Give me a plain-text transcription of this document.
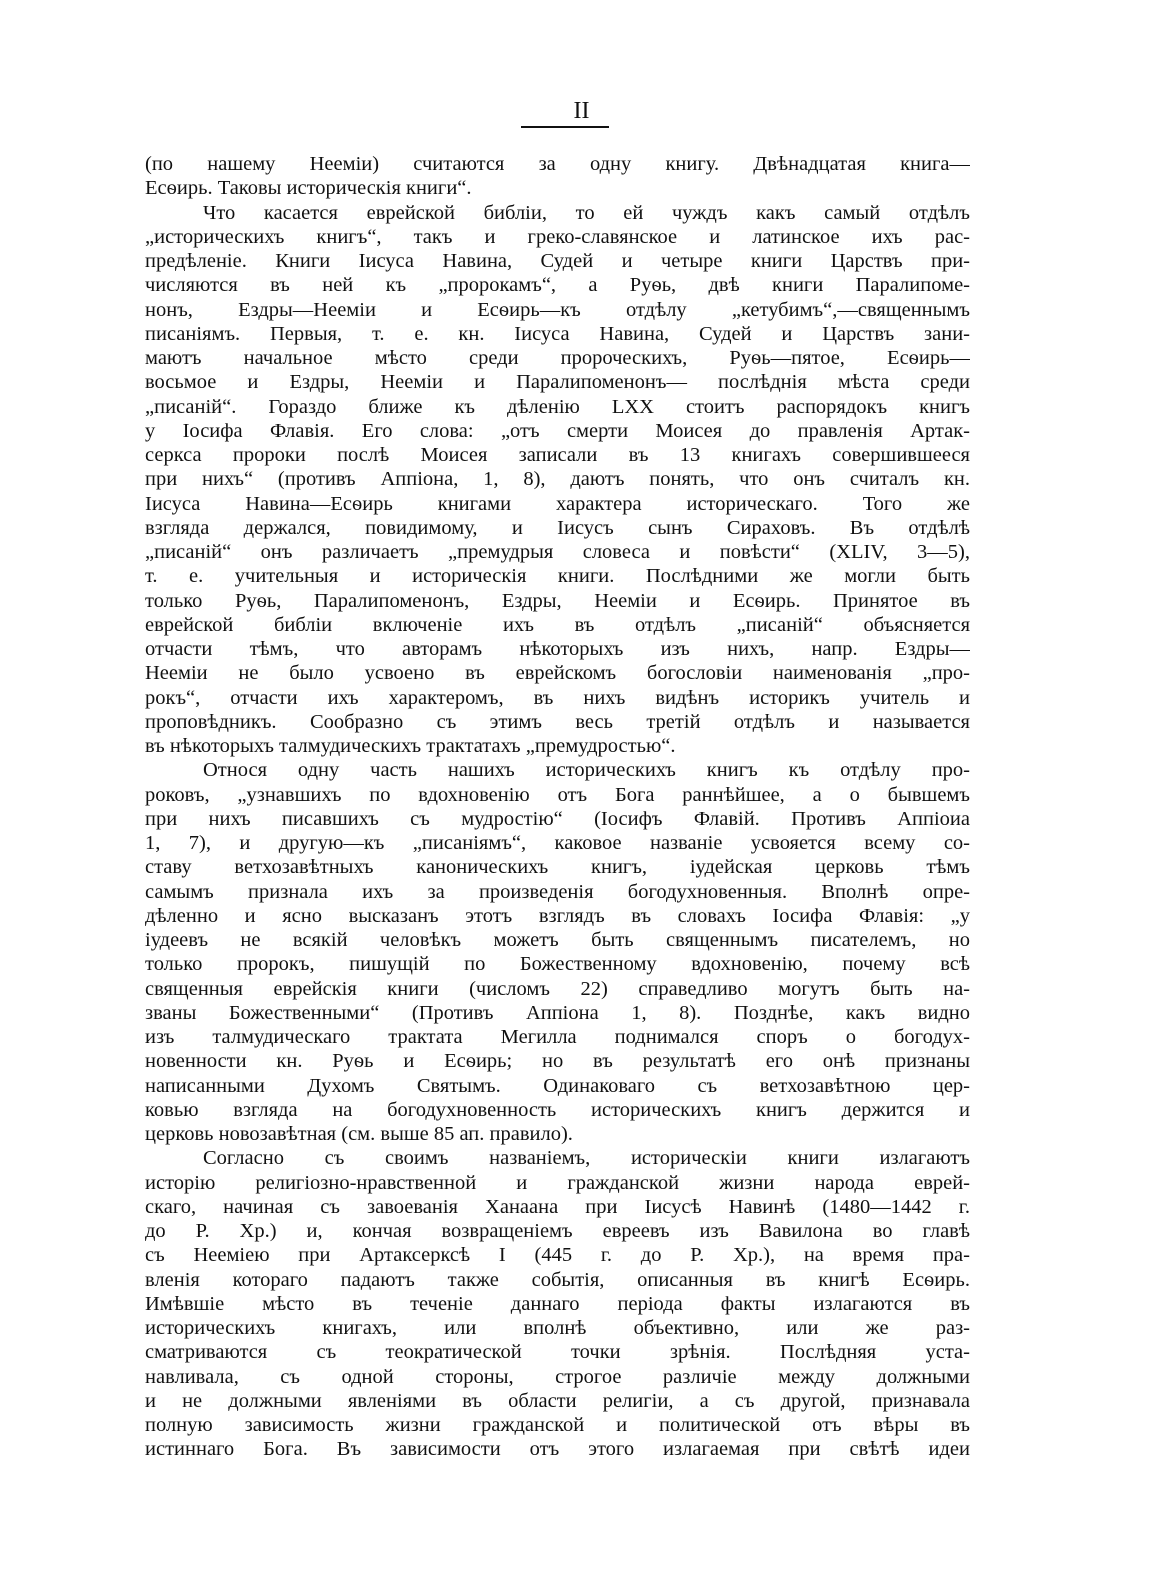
II
(по нашему Неемiи) считаются за одну книгу. Двѣнадцатая книга—
Есѳирь. Таковы историческiя книги“.
Что касается еврейской библiи, то ей чуждъ какъ самый отдѣлъ
„историческихъ книгъ“, такъ и греко-славянское и латинское ихъ рас-
предѣленiе. Книги Iисуса Навина, Судей и четыре книги Царствъ при-
числяются въ ней къ „пророкамъ“, а Руѳь, двѣ книги Паралипоме-
нонъ, Ездры—Неемiи и Есѳирь—къ отдѣлу „кетубимъ“,—священнымъ
писанiямъ. Первыя, т. е. кн. Iисуса Навина, Судей и Царствъ зани-
маютъ начальное мѣсто среди пророческихъ, Руѳь—пятое, Есѳирь—
восьмое и Ездры, Неемiи и Паралипоменонъ— послѣднiя мѣста среди
„писанiй“. Гораздо ближе къ дѣленiю LXX стоитъ распорядокъ книгъ
у Iосифа Флавiя. Его слова: „отъ смерти Моисея до правленiя Артак-
серкса пророки послѣ Моисея записали въ 13 книгахъ совершившееся
при нихъ“ (противъ Аппiона, 1, 8), даютъ понять, что онъ считалъ кн.
Iисуса Навина—Есѳирь книгами характера историческаго. Того же
взгляда держался, повидимому, и Iисусъ сынъ Сираховъ. Въ отдѣлѣ
„писанiй“ онъ различаетъ „премудрыя словеса и повѣсти“ (XLIV, 3—5),
т. е. учительныя и историческiя книги. Послѣдними же могли быть
только Руѳь, Паралипоменонъ, Ездры, Неемiи и Есѳирь. Принятое въ
еврейской библiи включенiе ихъ въ отдѣлъ „писанiй“ объясняется
отчасти тѣмъ, что авторамъ нѣкоторыхъ изъ нихъ, напр. Ездры—
Неемiи не было усвоено въ еврейскомъ богословiи наименованiя „про-
рокъ“, отчасти ихъ характеромъ, въ нихъ видѣнъ историкъ учитель и
проповѣдникъ. Сообразно съ этимъ весь третiй отдѣлъ и называется
въ нѣкоторыхъ талмудическихъ трактатахъ „премудростью“.
Относя одну часть нашихъ историческихъ книгъ къ отдѣлу про-
роковъ, „узнавшихъ по вдохновенiю отъ Бога раннѣйшее, а о бывшемъ
при нихъ писавшихъ съ мудростiю“ (Iосифъ Флавiй. Противъ Аппiоиа
1, 7), и другую—къ „писанiямъ“, каковое названiе усвояется всему со-
ставу ветхозавѣтныхъ каноническихъ книгъ, iудейская церковь тѣмъ
самымъ признала ихъ за произведенiя богодухновенныя. Вполнѣ опре-
дѣленно и ясно высказанъ этотъ взглядъ въ словахъ Iосифа Флавiя: „у
iудеевъ не всякiй человѣкъ можетъ быть священнымъ писателемъ, но
только пророкъ, пишущiй по Божественному вдохновенiю, почему всѣ
священныя еврейскiя книги (числомъ 22) справедливо могутъ быть на-
званы Божественными“ (Противъ Аппiона 1, 8). Позднѣе, какъ видно
изъ талмудическаго трактата Мегилла поднимался споръ о богодух-
новенности кн. Руѳь и Есѳирь; но въ результатѣ его онѣ признаны
написанными Духомъ Святымъ. Одинаковаго съ ветхозавѣтною цер-
ковью взгляда на богодухновенность историческихъ книгъ держится и
церковь новозавѣтная (см. выше 85 ап. правило).
Согласно съ своимъ названiемъ, историческiи книги излагаютъ
исторiю религiозно-нравственной и гражданской жизни народа еврей-
скаго, начиная съ завоеванiя Ханаана при Iисусѣ Навинѣ (1480—1442 г.
до Р. Хр.) и, кончая возвращенiемъ евреевъ изъ Вавилона во главѣ
съ Неемiею при Артаксерксѣ I (445 г. до Р. Хр.), на время пра-
вленiя котораго падаютъ также событiя, описанныя въ книгѣ Есѳирь.
Имѣвшiе мѣсто въ теченiе даннаго перiода факты излагаются въ
историческихъ книгахъ, или вполнѣ объективно, или же раз-
сматриваются съ теократической точки зрѣнiя. Послѣдняя уста-
навливала, съ одной стороны, строгое различiе между должными
и не должными явленiями въ области религiи, а съ другой, признавала
полную зависимость жизни гражданской и политической отъ вѣры въ
истиннаго Бога. Въ зависимости отъ этого излагаемая при свѣтѣ идеи
